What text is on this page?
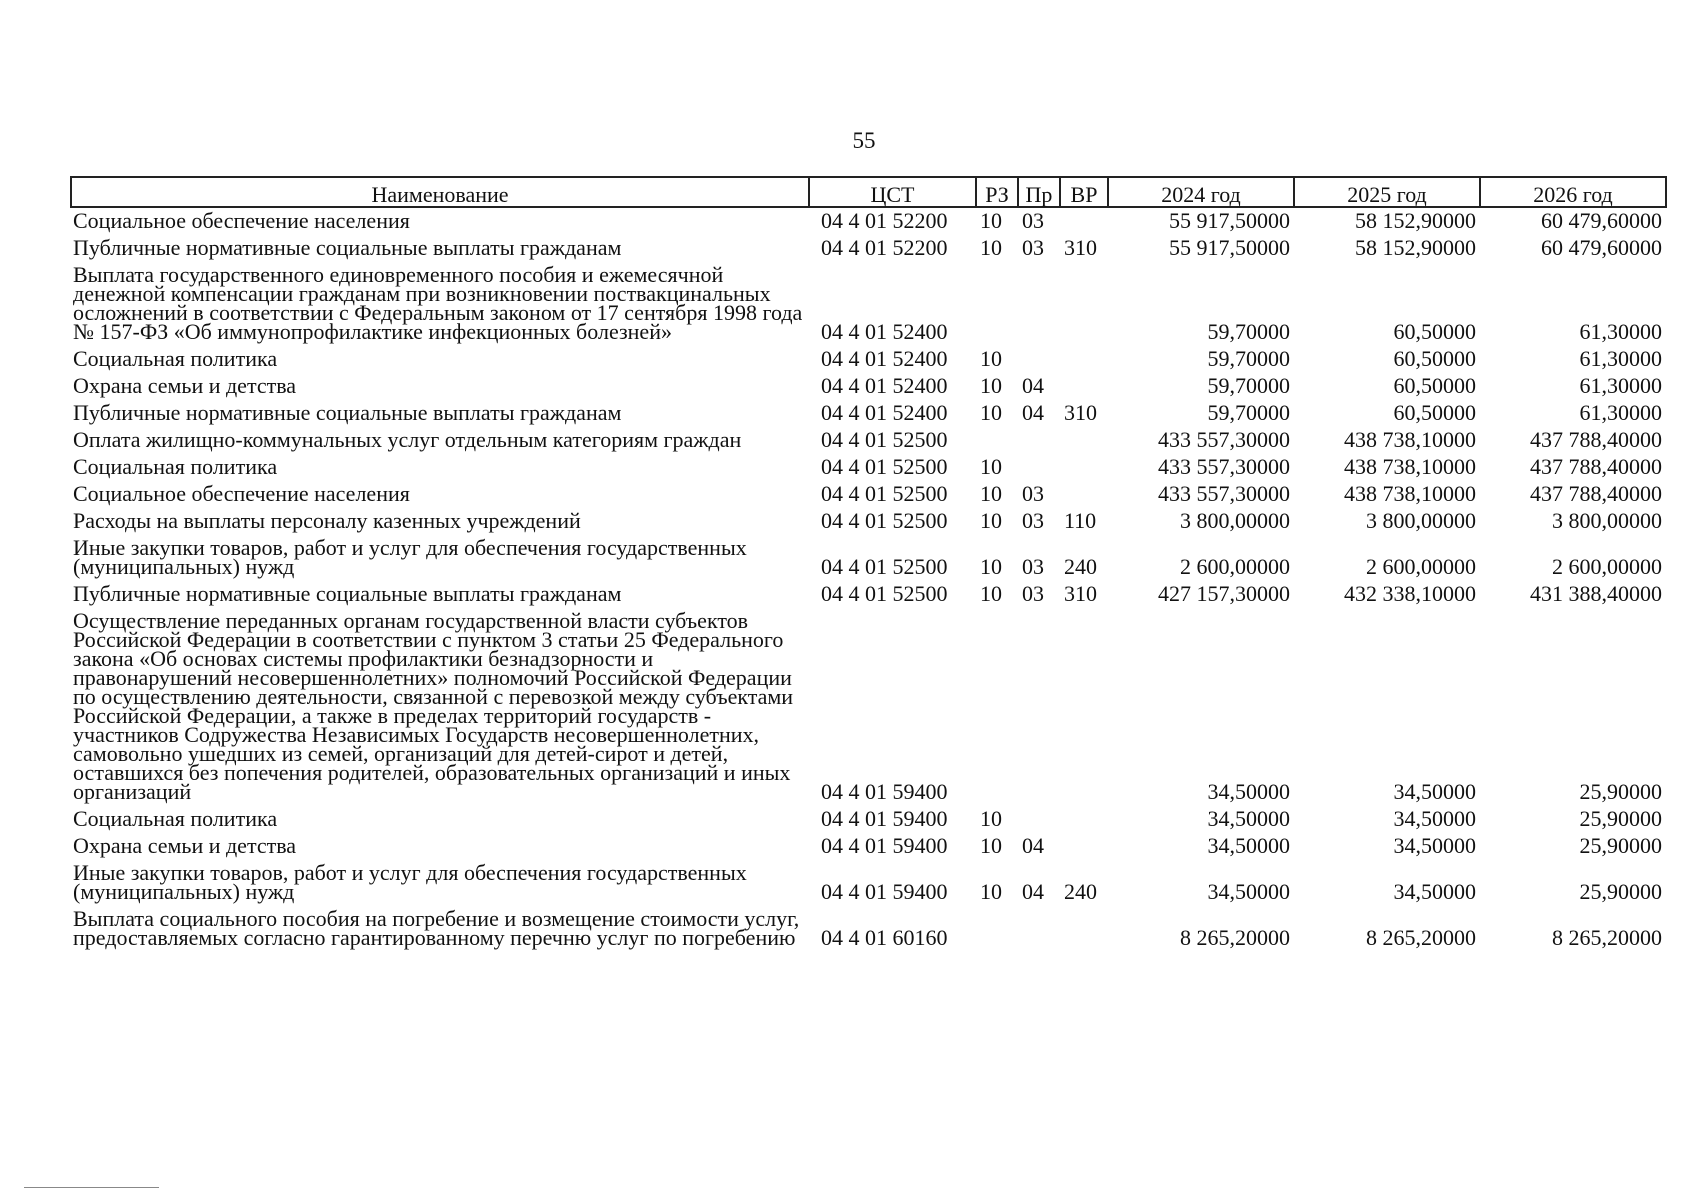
55
Наименование	ЦСТ	РЗ	Пр	ВР	2024 год	2025 год	2026 год
Социальное обеспечение населения	04 4 01 52200	10	03		55 917,50000	58 152,90000	60 479,60000
Публичные нормативные социальные выплаты гражданам	04 4 01 52200	10	03	310	55 917,50000	58 152,90000	60 479,60000
Выплата государственного единовременного пособия и ежемесячной денежной компенсации гражданам при возникновении поствакцинальных осложнений в соответствии с Федеральным законом от 17 сентября 1998 года № 157-ФЗ «Об иммунопрофилактике инфекционных болезней»	04 4 01 52400				59,70000	60,50000	61,30000
Социальная политика	04 4 01 52400	10			59,70000	60,50000	61,30000
Охрана семьи и детства	04 4 01 52400	10	04		59,70000	60,50000	61,30000
Публичные нормативные социальные выплаты гражданам	04 4 01 52400	10	04	310	59,70000	60,50000	61,30000
Оплата жилищно-коммунальных услуг отдельным категориям граждан	04 4 01 52500				433 557,30000	438 738,10000	437 788,40000
Социальная политика	04 4 01 52500	10			433 557,30000	438 738,10000	437 788,40000
Социальное обеспечение населения	04 4 01 52500	10	03		433 557,30000	438 738,10000	437 788,40000
Расходы на выплаты персоналу казенных учреждений	04 4 01 52500	10	03	110	3 800,00000	3 800,00000	3 800,00000
Иные закупки товаров, работ и услуг для обеспечения государственных (муниципальных) нужд	04 4 01 52500	10	03	240	2 600,00000	2 600,00000	2 600,00000
Публичные нормативные социальные выплаты гражданам	04 4 01 52500	10	03	310	427 157,30000	432 338,10000	431 388,40000
Осуществление переданных органам государственной власти субъектов Российской Федерации в соответствии с пунктом 3 статьи 25 Федерального закона «Об основах системы профилактики безнадзорности и правонарушений несовершеннолетних» полномочий Российской Федерации по осуществлению деятельности, связанной с перевозкой между субъектами Российской Федерации, а также в пределах территорий государств - участников Содружества Независимых Государств несовершеннолетних, самовольно ушедших из семей, организаций для детей-сирот и детей, оставшихся без попечения родителей, образовательных организаций и иных организаций	04 4 01 59400				34,50000	34,50000	25,90000
Социальная политика	04 4 01 59400	10			34,50000	34,50000	25,90000
Охрана семьи и детства	04 4 01 59400	10	04		34,50000	34,50000	25,90000
Иные закупки товаров, работ и услуг для обеспечения государственных (муниципальных) нужд	04 4 01 59400	10	04	240	34,50000	34,50000	25,90000
Выплата социального пособия на погребение и возмещение стоимости услуг, предоставляемых согласно гарантированному перечню услуг по погребению	04 4 01 60160				8 265,20000	8 265,20000	8 265,20000
